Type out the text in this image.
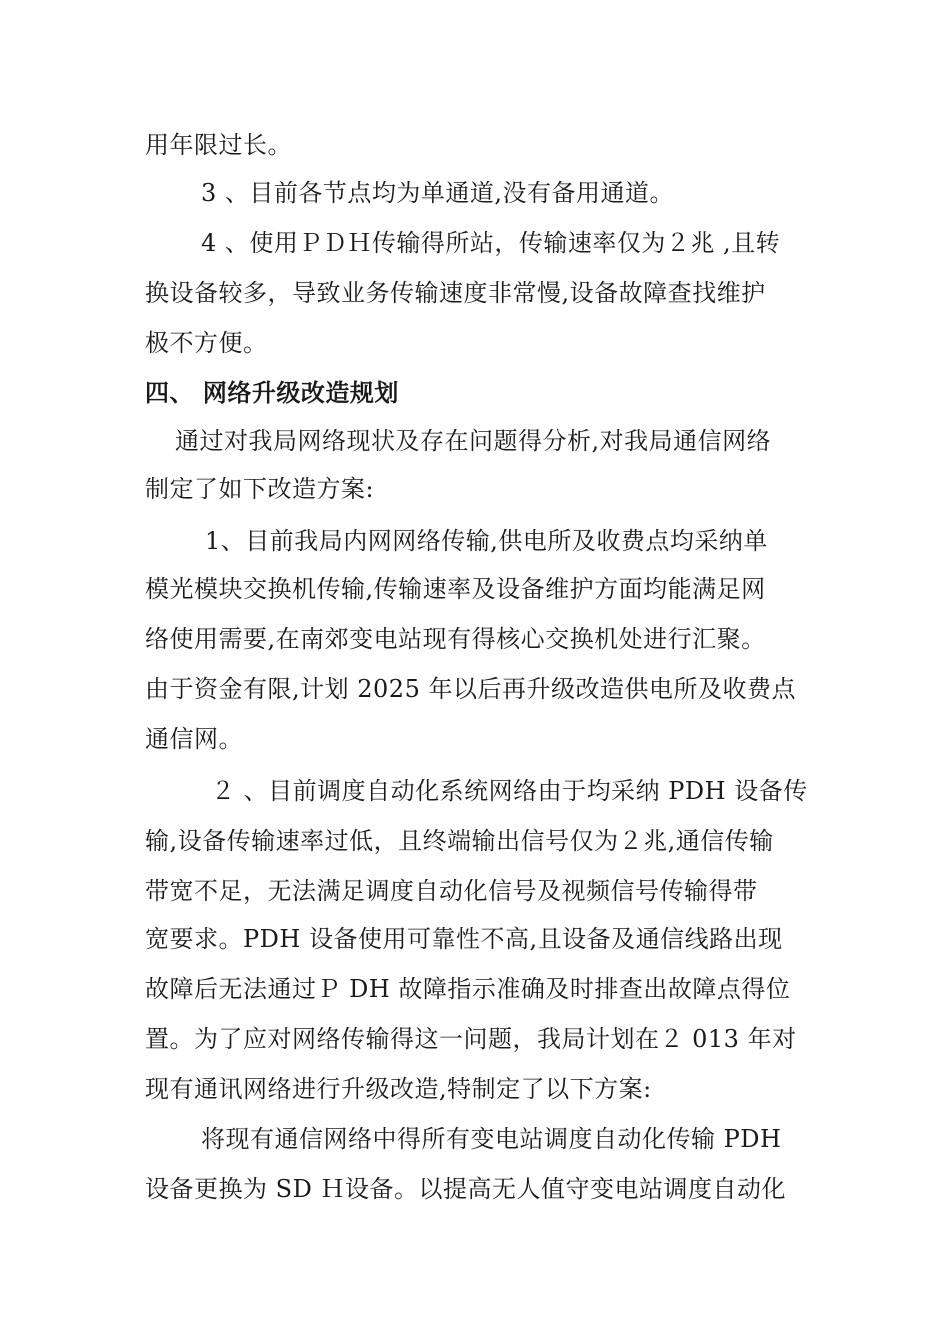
用年限过长。
3 、目前各节点均为单通道,没有备用通道。
4 、使用ＰＤＨ传输得所站，传输速率仅为２兆 ,且转
换设备较多，导致业务传输速度非常慢,设备故障查找维护
极不方便。
四、 网络升级改造规划
通过对我局网络现状及存在问题得分析,对我局通信网络
制定了如下改造方案:
1、目前我局内网网络传输,供电所及收费点均采纳单
模光模块交换机传输,传输速率及设备维护方面均能满足网
络使用需要,在南郊变电站现有得核心交换机处进行汇聚。
由于资金有限,计划 2025 年以后再升级改造供电所及收费点
通信网。
２ 、目前调度自动化系统网络由于均采纳 PDH 设备传
输,设备传输速率过低，且终端输出信号仅为２兆,通信传输
带宽不足，无法满足调度自动化信号及视频信号传输得带
宽要求。PDH 设备使用可靠性不高,且设备及通信线路出现
故障后无法通过Ｐ DH 故障指示准确及时排查出故障点得位
置。为了应对网络传输得这一问题，我局计划在２ 013 年对
现有通讯网络进行升级改造,特制定了以下方案:
将现有通信网络中得所有变电站调度自动化传输 PDH
设备更换为 SD Ｈ设备。以提高无人值守变电站调度自动化
